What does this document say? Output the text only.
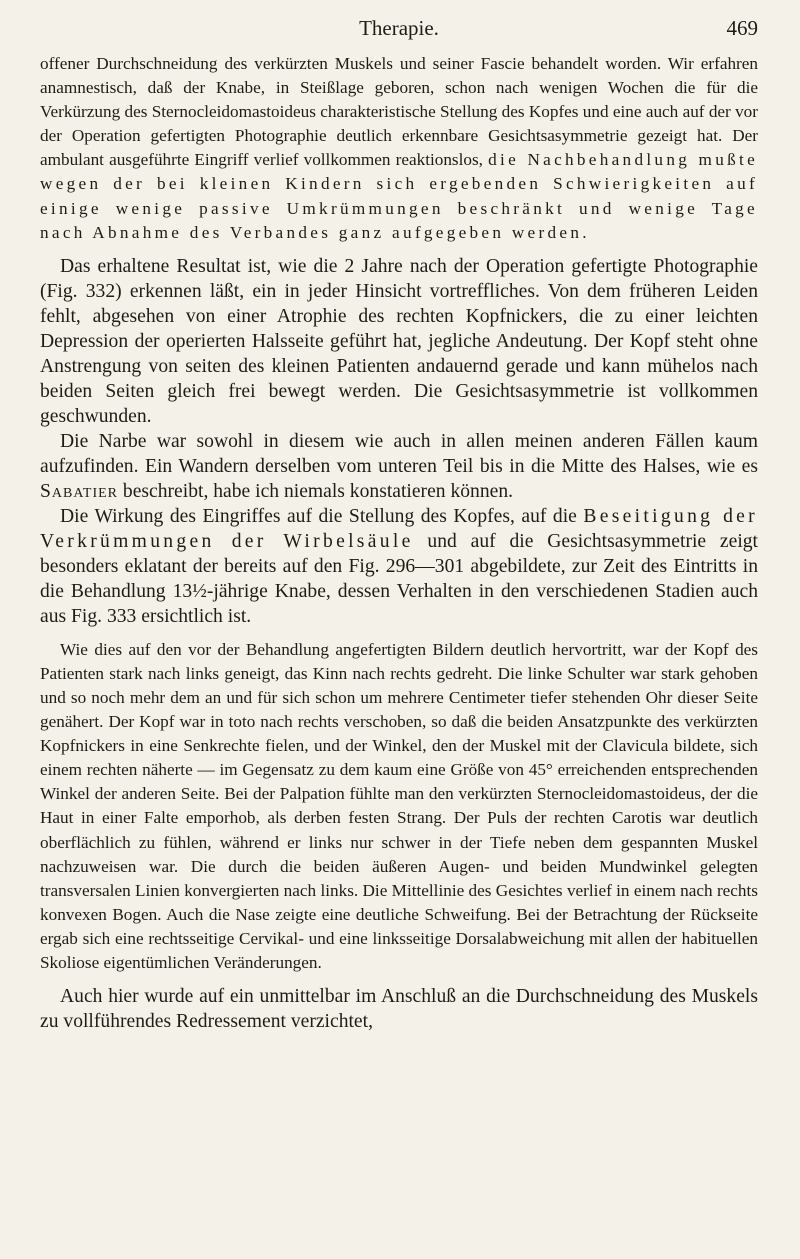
Therapie.	469

offener Durchschneidung des verkürzten Muskels und seiner Fascie behandelt worden. Wir erfahren anamnestisch, daß der Knabe, in Steißlage geboren, schon nach wenigen Wochen die für die Verkürzung des Sternocleidomastoideus charakteristische Stellung des Kopfes und eine auch auf der vor der Operation gefertigten Photographie deutlich erkennbare Gesichtsasymmetrie gezeigt hat. Der ambulant ausgeführte Eingriff verlief vollkommen reaktionslos, die Nachbehandlung mußte wegen der bei kleinen Kindern sich ergebenden Schwierigkeiten auf einige wenige passive Umkrümmungen beschränkt und wenige Tage nach Abnahme des Verbandes ganz aufgegeben werden.

Das erhaltene Resultat ist, wie die 2 Jahre nach der Operation gefertigte Photographie (Fig. 332) erkennen läßt, ein in jeder Hinsicht vortreffliches. Von dem früheren Leiden fehlt, abgesehen von einer Atrophie des rechten Kopfnickers, die zu einer leichten Depression der operierten Halsseite geführt hat, jegliche Andeutung. Der Kopf steht ohne Anstrengung von seiten des kleinen Patienten andauernd gerade und kann mühelos nach beiden Seiten gleich frei bewegt werden. Die Gesichtsasymmetrie ist vollkommen geschwunden.

Die Narbe war sowohl in diesem wie auch in allen meinen anderen Fällen kaum aufzufinden. Ein Wandern derselben vom unteren Teil bis in die Mitte des Halses, wie es Sabatier beschreibt, habe ich niemals konstatieren können.

Die Wirkung des Eingriffes auf die Stellung des Kopfes, auf die Beseitigung der Verkrümmungen der Wirbelsäule und auf die Gesichtsasymmetrie zeigt besonders eklatant der bereits auf den Fig. 296—301 abgebildete, zur Zeit des Eintritts in die Behandlung 13½-jährige Knabe, dessen Verhalten in den verschiedenen Stadien auch aus Fig. 333 ersichtlich ist.

Wie dies auf den vor der Behandlung angefertigten Bildern deutlich hervortritt, war der Kopf des Patienten stark nach links geneigt, das Kinn nach rechts gedreht. Die linke Schulter war stark gehoben und so noch mehr dem an und für sich schon um mehrere Centimeter tiefer stehenden Ohr dieser Seite genähert. Der Kopf war in toto nach rechts verschoben, so daß die beiden Ansatzpunkte des verkürzten Kopfnickers in eine Senkrechte fielen, und der Winkel, den der Muskel mit der Clavicula bildete, sich einem rechten näherte — im Gegensatz zu dem kaum eine Größe von 45° erreichenden entsprechenden Winkel der anderen Seite. Bei der Palpation fühlte man den verkürzten Sternocleidomastoideus, der die Haut in einer Falte emporhob, als derben festen Strang. Der Puls der rechten Carotis war deutlich oberflächlich zu fühlen, während er links nur schwer in der Tiefe neben dem gespannten Muskel nachzuweisen war. Die durch die beiden äußeren Augen- und beiden Mundwinkel gelegten transversalen Linien konvergierten nach links. Die Mittellinie des Gesichtes verlief in einem nach rechts konvexen Bogen. Auch die Nase zeigte eine deutliche Schweifung. Bei der Betrachtung der Rückseite ergab sich eine rechtsseitige Cervikal- und eine linksseitige Dorsalabweichung mit allen der habituellen Skoliose eigentümlichen Veränderungen.

Auch hier wurde auf ein unmittelbar im Anschluß an die Durchschneidung des Muskels zu vollführendes Redressement verzichtet,
